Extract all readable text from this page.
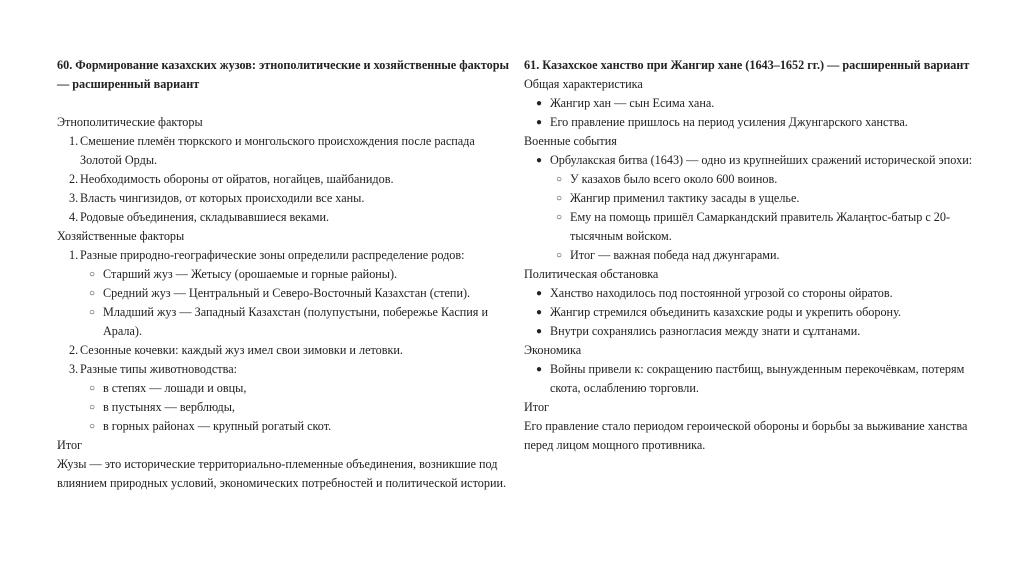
60. Формирование казахских жузов: этнополитические и хозяйственные факторы — расширенный вариант

Этнополитические факторы

1. Смешение племён тюркского и монгольского происхождения после распада Золотой Орды.
2. Необходимость обороны от ойратов, ногайцев, шайбанидов.
3. Власть чингизидов, от которых происходили все ханы.
4. Родовые объединения, складывавшиеся веками.

Хозяйственные факторы

1. Разные природно-географические зоны определили распределение родов:
○ Старший жуз — Жетысу (орошаемые и горные районы).
○ Средний жуз — Центральный и Северо-Восточный Казахстан (степи).
○ Младший жуз — Западный Казахстан (полупустыни, побережье Каспия и Арала).
2. Сезонные кочевки: каждый жуз имел свои зимовки и летовки.
3. Разные типы животноводства:
○ в степях — лошади и овцы,
○ в пустынях — верблюды,
○ в горных районах — крупный рогатый скот.

Итог

Жузы — это исторические территориально-племенные объединения, возникшие под влиянием природных условий, экономических потребностей и политической истории.

61. Казахское ханство при Жангир хане (1643–1652 гг.) — расширенный вариант

Общая характеристика

● Жангир хан — сын Есима хана.
● Его правление пришлось на период усиления Джунгарского ханства.

Военные события

● Орбулакская битва (1643) — одно из крупнейших сражений исторической эпохи:
○ У казахов было всего около 600 воинов.
○ Жангир применил тактику засады в ущелье.
○ Ему на помощь пришёл Самаркандский правитель Жалаңтос-батыр с 20-тысячным войском.
○ Итог — важная победа над джунгарами.

Политическая обстановка

● Ханство находилось под постоянной угрозой со стороны ойратов.
● Жангир стремился объединить казахские роды и укрепить оборону.
● Внутри сохранялись разногласия между знати и сұлтанами.

Экономика

● Войны привели к: сокращению пастбищ, вынужденным перекочёвкам, потерям скота, ослаблению торговли.

Итог

Его правление стало периодом героической обороны и борьбы за выживание ханства перед лицом мощного противника.
